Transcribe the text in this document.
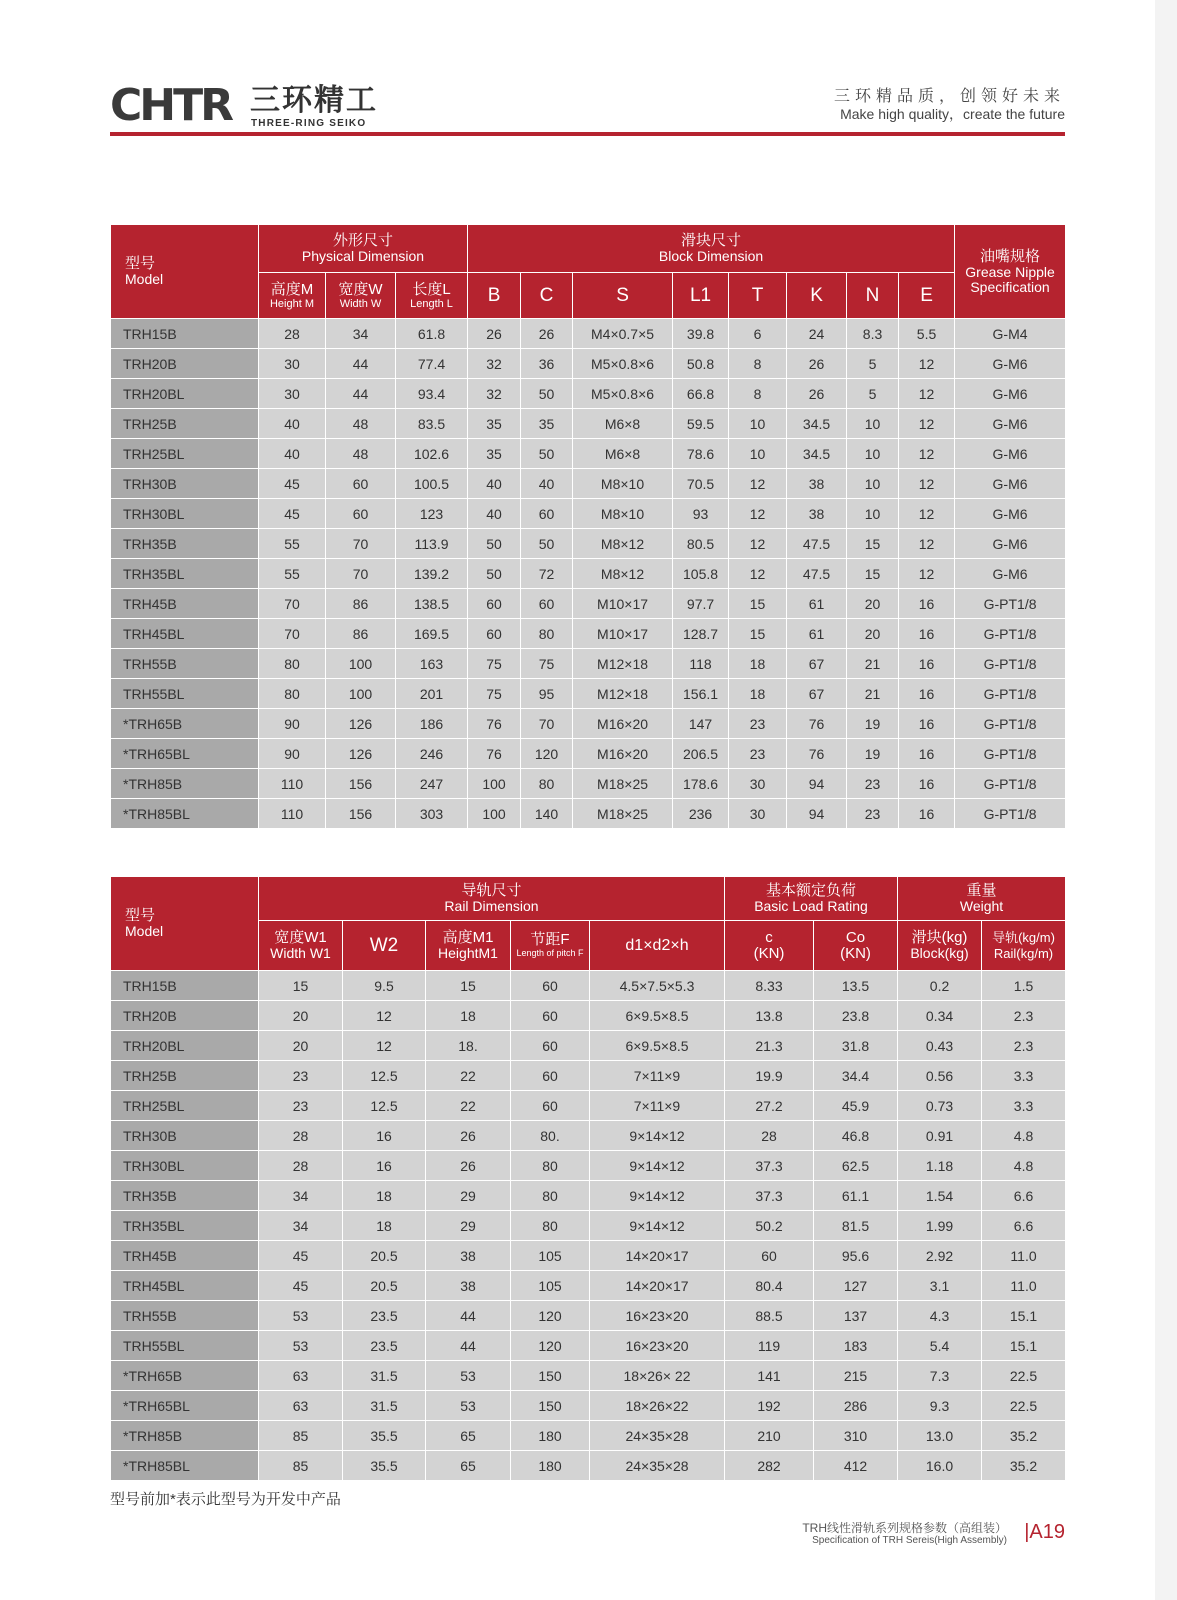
CHTR 三环精工
THREE-RING SEIKO
三环精品质，创领好未来
Make high quality，create the future
型号
Model	外形尺寸
Physical Dimension			滑块尺寸
Block Dimension								油嘴规格
Grease Nipple
Specification

	高度M
Height M	宽度W
Width W	长度L
Length L	B	C	S	L1	T	K	N	E	
TRH15B	28	34	61.8	26	26	M4×0.7×5	39.8	6	24	8.3	5.5	G-M4
TRH20B	30	44	77.4	32	36	M5×0.8×6	50.8	8	26	5	12	G-M6
TRH20BL	30	44	93.4	32	50	M5×0.8×6	66.8	8	26	5	12	G-M6
TRH25B	40	48	83.5	35	35	M6×8	59.5	10	34.5	10	12	G-M6
TRH25BL	40	48	102.6	35	50	M6×8	78.6	10	34.5	10	12	G-M6
TRH30B	45	60	100.5	40	40	M8×10	70.5	12	38	10	12	G-M6
TRH30BL	45	60	123	40	60	M8×10	93	12	38	10	12	G-M6
TRH35B	55	70	113.9	50	50	M8×12	80.5	12	47.5	15	12	G-M6
TRH35BL	55	70	139.2	50	72	M8×12	105.8	12	47.5	15	12	G-M6
TRH45B	70	86	138.5	60	60	M10×17	97.7	15	61	20	16	G-PT1/8
TRH45BL	70	86	169.5	60	80	M10×17	128.7	15	61	20	16	G-PT1/8
TRH55B	80	100	163	75	75	M12×18	118	18	67	21	16	G-PT1/8
TRH55BL	80	100	201	75	95	M12×18	156.1	18	67	21	16	G-PT1/8
*TRH65B	90	126	186	76	70	M16×20	147	23	76	19	16	G-PT1/8
*TRH65BL	90	126	246	76	120	M16×20	206.5	23	76	19	16	G-PT1/8
*TRH85B	110	156	247	100	80	M18×25	178.6	30	94	23	16	G-PT1/8
*TRH85BL	110	156	303	100	140	M18×25	236	30	94	23	16	G-PT1/8
型号
Model	导轨尺寸
Rail Dimension					基本额定负荷
Basic Load Rating		重量
Weight	

	宽度W1
Width W1	W2	高度M1
HeightM1	节距F
Length of pitch F	d1×d2×h	c
(KN)	Co
(KN)	滑块(kg)
Block(kg)	导轨(kg/m)
Rail(kg/m)

TRH15B	15	9.5	15	60	4.5×7.5×5.3	8.33	13.5	0.2	1.5
TRH20B	20	12	18	60	6×9.5×8.5	13.8	23.8	0.34	2.3
TRH20BL	20	12	18.	60	6×9.5×8.5	21.3	31.8	0.43	2.3
TRH25B	23	12.5	22	60	7×11×9	19.9	34.4	0.56	3.3
TRH25BL	23	12.5	22	60	7×11×9	27.2	45.9	0.73	3.3
TRH30B	28	16	26	80.	9×14×12	28	46.8	0.91	4.8
TRH30BL	28	16	26	80	9×14×12	37.3	62.5	1.18	4.8
TRH35B	34	18	29	80	9×14×12	37.3	61.1	1.54	6.6
TRH35BL	34	18	29	80	9×14×12	50.2	81.5	1.99	6.6
TRH45B	45	20.5	38	105	14×20×17	60	95.6	2.92	11.0
TRH45BL	45	20.5	38	105	14×20×17	80.4	127	3.1	11.0
TRH55B	53	23.5	44	120	16×23×20	88.5	137	4.3	15.1
TRH55BL	53	23.5	44	120	16×23×20	119	183	5.4	15.1
*TRH65B	63	31.5	53	150	18×26× 22	141	215	7.3	22.5
*TRH65BL	63	31.5	53	150	18×26×22	192	286	9.3	22.5
*TRH85B	85	35.5	65	180	24×35×28	210	310	13.0	35.2
*TRH85BL	85	35.5	65	180	24×35×28	282	412	16.0	35.2
型号前加*表示此型号为开发中产品
TRH线性滑轨系列规格参数（高组装）
Specification of TRH Sereis(High Assembly) |A19
